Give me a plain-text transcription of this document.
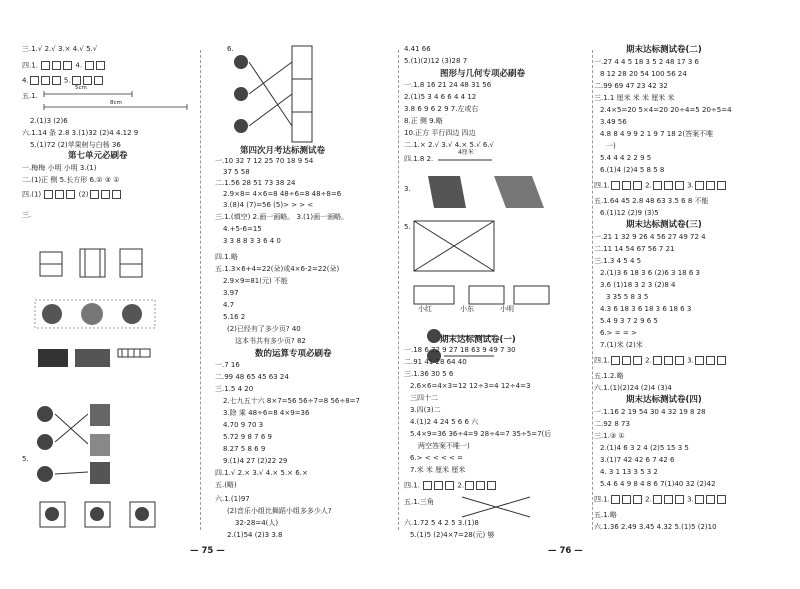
三.1.√ 2.√ 3.× 4.√ 5.√
四.1.	4.
4.	5.
五.1.
5cm
8cm
2.(1)3 (2)6
六.1.14 条 2.8 3.(1)32 (2)4 4.12 9
5.(1)72 (2)苹果树与白杨 36
第七单元必刷卷
一.梅梅 小明 小明 3.(1)
二.(1)正 侧 5.长方形 6.② ③ ①
四.(1)	(2)
三.
5.
6.
第四次月考达标测试卷
一.10 32 7 12 25 70 18 9 54
37 5 58
二.1.56 28 51 73 38 24
2.9×8= 4×6=8 48÷6=8 48÷8=6
3.(8)4 (7)=56 (5)> > > <
三.1.(填空) 2.画一画略。 3.(1)画一画略。
4.+5-6=15
3 3 8 8 3 3 6 4 0
四.1.略
五.1.3×6+4=22(朵)或4×6-2=22(朵)
2.9×9=81(元) 不能
3.97
4.7
5.16 2
(2)已经有了多少页? 40
这本书共有多少页? 82
数的运算专项必刷卷
一.7 16
二.99 48 65 45 63 24
三.1.5 4 20
2.七九五十六 8×7=56 56÷7=8 56÷8=7
3.除 乘 48÷6=8 4×9=36
4.70 9 70 3
5.72 9 8 7 6 9
8.27 5 8 6 9
9.(1)4 27 (2)22 29
四.1.√ 2.× 3.√ 4.× 5.× 6.×
五.(略)
六.1.(1)97
(2)音乐小组比舞蹈小组多多少人?
32-28=4(人)
2.(1)54 (2)3 3.8
— 75 —
4.41 66
5.(1)(2)12 (3)28 7
图形与几何专项必刷卷
一.1.8 16 21 24 48 31 56
2.(1)5 3 4 6 6 4 4 12
3.8 6 9 6 2 9 7.左或右
8.正 侧 9.略
10.正方 平行四边 四边
二.1.× 2.√ 3.√ 4.× 5.√ 6.√
四.1.8 2.
4厘米
3.
5.
小红	小东	小明
期末达标测试卷(一)
一.18 6 72 9 27 18 63 9 49 7 30
二.91 41 28 64 40
三.1.36 30 5 6
2.6×6=4×3=12 12÷3=4 12÷4=3
三四十二
3.四(3)二
4.(1)2 4 24 5 6 6 六
5.4×9=36 36÷4=9 28÷4=7 35÷5=7(后
两空答案不唯一)
6.> < < < < =
7.米 米 厘米 厘米
四.1.	2.
五.1.三角
六.1.72 5 4 2 5 3.(1)8
5.(1)5 (2)4×7=28(元) 够
— 76 —
期末达标测试卷(二)
一.27 4 4 5 18 3 5 2 48 17 3 6
8 12 28 20 54 100 56 24
二.99 69 47 23 42 32
三.1.1 厘米 米 米 厘米 米
2.4×5=20 5×4=20 20÷4=5 20÷5=4
3.49 56
4.8 8 4 9 9 2 1 9 7 18 2(答案不唯
一)
5.4 4 4 2 2 9 5
6.(1)4 (2)4 5 8 5 8
四.1.	2.	3.
五.1.64 45 2.8 48 63 3.5 6 8 不能
6.(1)12 (2)9 (3)5
期末达标测试卷(三)
一.21 1 32 9 26 4 56 27 49 72 4
二.11 14 54 67 56 7 21
三.1.3 4 5 4 5
2.(1)3 6 18 3 6 (2)6 3 18 6 3
3.6 (1)18 3 2 3 (2)8 4
3 35 5 8 3 5
4.3 6 18 3 6 18 3 6 18 6 3
5.4 9 3 7 2 9 6 5
6.> = = >
7.(1)米 (2)米
四.1.	2.	3.
五.1.2.略
六.1.(1)(2)24 (2)4 (3)4
期末达标测试卷(四)
一.1.16 2 19 54 30 4 32 19 8 28
二.92 8 73
三.1.③ ①
2.(1)4 6 3 2 4 (2)5 15 3 5
3.(1)7 42 42 6 7 42 6
4. 3 1 13 3 5 3 2
5.4 6 4 9 8 4 8 6 7(1)40 32 (2)42
四.1.	2.	3.
五.1.略
六.1.36 2.49 3.45 4.32 5.(1)5 (2)10
